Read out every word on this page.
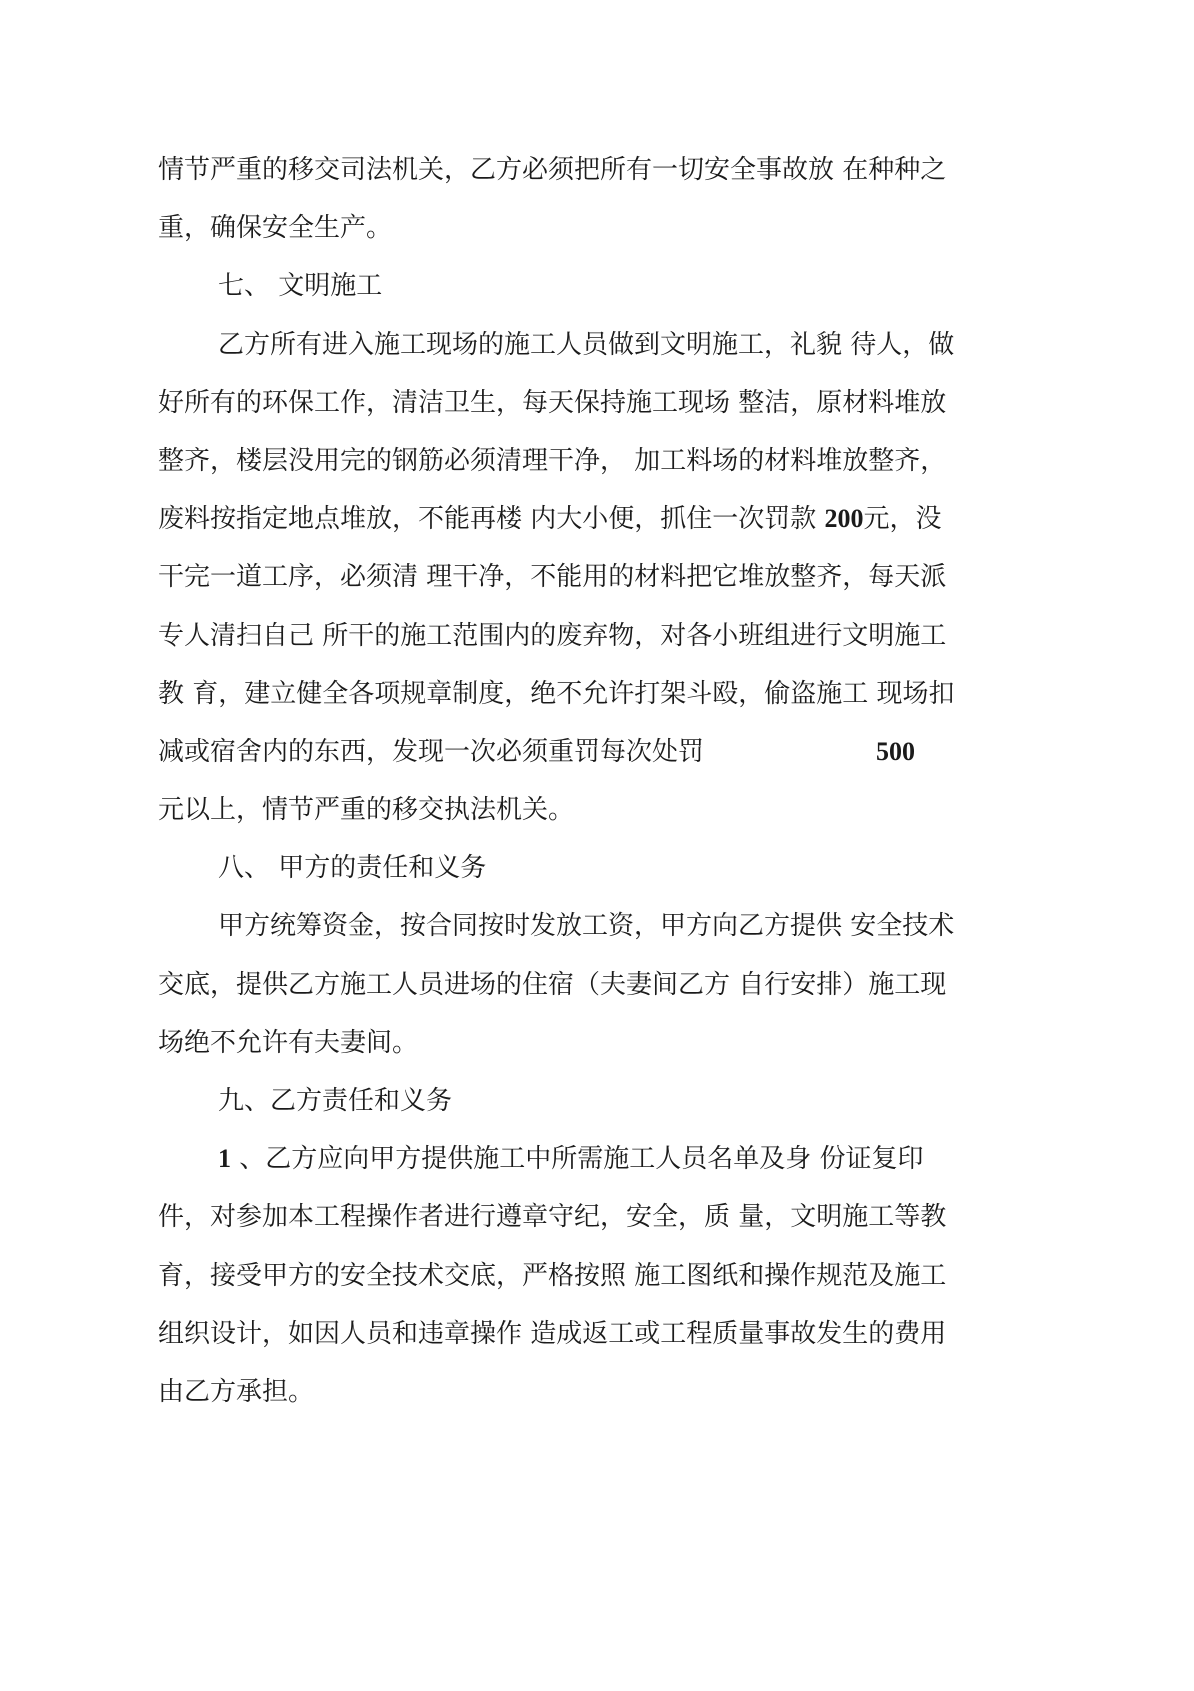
情节严重的移交司法机关，乙方必须把所有一切安全事故放 在种种之
重，确保安全生产。
七、 文明施工
乙方所有进入施工现场的施工人员做到文明施工，礼貌 待人，做
好所有的环保工作，清洁卫生，每天保持施工现场 整洁，原材料堆放
整齐，楼层没用完的钢筋必须清理干净， 加工料场的材料堆放整齐，
废料按指定地点堆放，不能再楼 内大小便，抓住一次罚款 200元，没
干完一道工序，必须清 理干净，不能用的材料把它堆放整齐，每天派
专人清扫自己 所干的施工范围内的废弃物，对各小班组进行文明施工
教 育，建立健全各项规章制度，绝不允许打架斗殴，偷盗施工 现场扣
减或宿舍内的东西，发现一次必须重罚每次处罚	500
元以上，情节严重的移交执法机关。
八、 甲方的责任和义务
甲方统筹资金，按合同按时发放工资，甲方向乙方提供 安全技术
交底，提供乙方施工人员进场的住宿（夫妻间乙方 自行安排）施工现
场绝不允许有夫妻间。
九、乙方责任和义务
1 、乙方应向甲方提供施工中所需施工人员名单及身 份证复印
件，对参加本工程操作者进行遵章守纪，安全，质 量，文明施工等教
育，接受甲方的安全技术交底，严格按照 施工图纸和操作规范及施工
组织设计，如因人员和违章操作 造成返工或工程质量事故发生的费用
由乙方承担。
